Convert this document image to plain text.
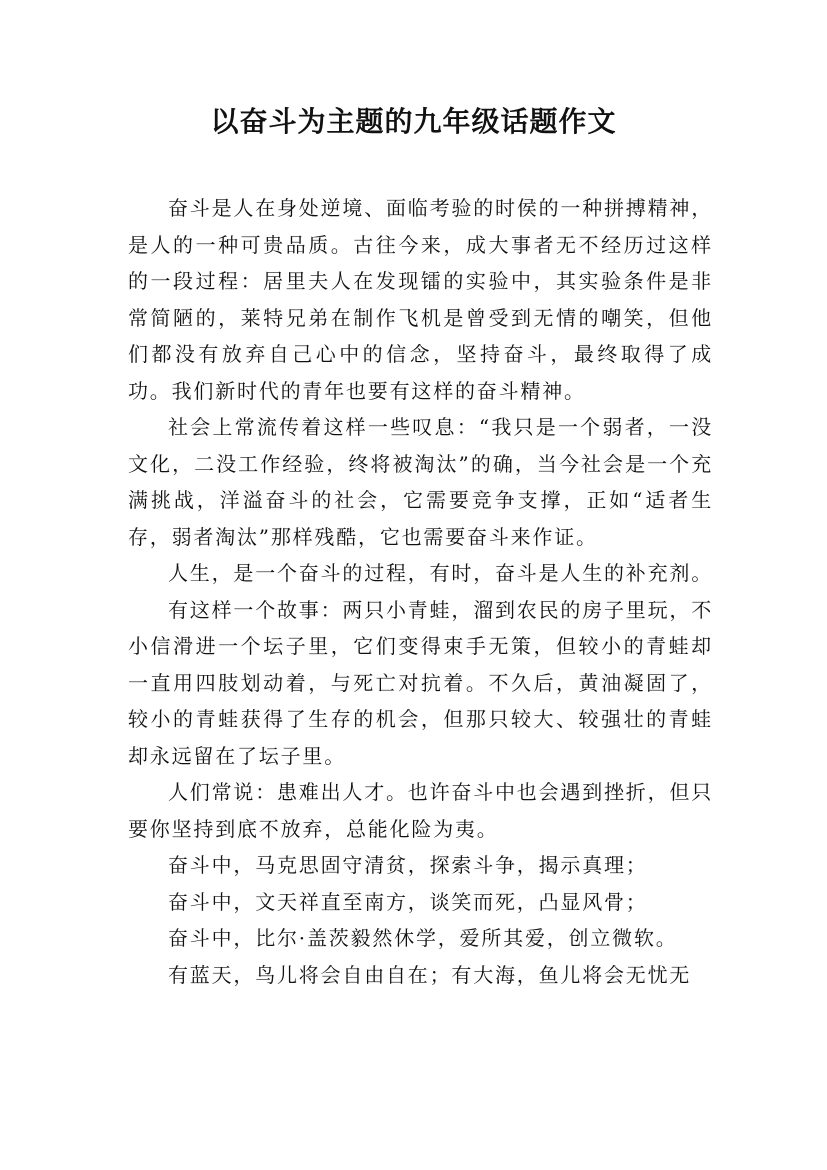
以奋斗为主题的九年级话题作文

奋斗是人在身处逆境、面临考验的时侯的一种拼搏精神，是人的一种可贵品质。古往今来，成大事者无不经历过这样的一段过程：居里夫人在发现镭的实验中，其实验条件是非常简陋的，莱特兄弟在制作飞机是曾受到无情的嘲笑，但他们都没有放弃自己心中的信念，坚持奋斗，最终取得了成功。我们新时代的青年也要有这样的奋斗精神。

社会上常流传着这样一些叹息：“我只是一个弱者，一没文化，二没工作经验，终将被淘汰”的确，当今社会是一个充满挑战，洋溢奋斗的社会，它需要竞争支撑，正如“适者生存，弱者淘汰”那样残酷，它也需要奋斗来作证。

人生，是一个奋斗的过程，有时，奋斗是人生的补充剂。

有这样一个故事：两只小青蛙，溜到农民的房子里玩，不小信滑进一个坛子里，它们变得束手无策，但较小的青蛙却一直用四肢划动着，与死亡对抗着。不久后，黄油凝固了，较小的青蛙获得了生存的机会，但那只较大、较强壮的青蛙却永远留在了坛子里。

人们常说：患难出人才。也许奋斗中也会遇到挫折，但只要你坚持到底不放弃，总能化险为夷。

奋斗中，马克思固守清贫，探索斗争，揭示真理；

奋斗中，文天祥直至南方，谈笑而死，凸显风骨；

奋斗中，比尔·盖茨毅然休学，爱所其爱，创立微软。

有蓝天，鸟儿将会自由自在；有大海，鱼儿将会无忧无
